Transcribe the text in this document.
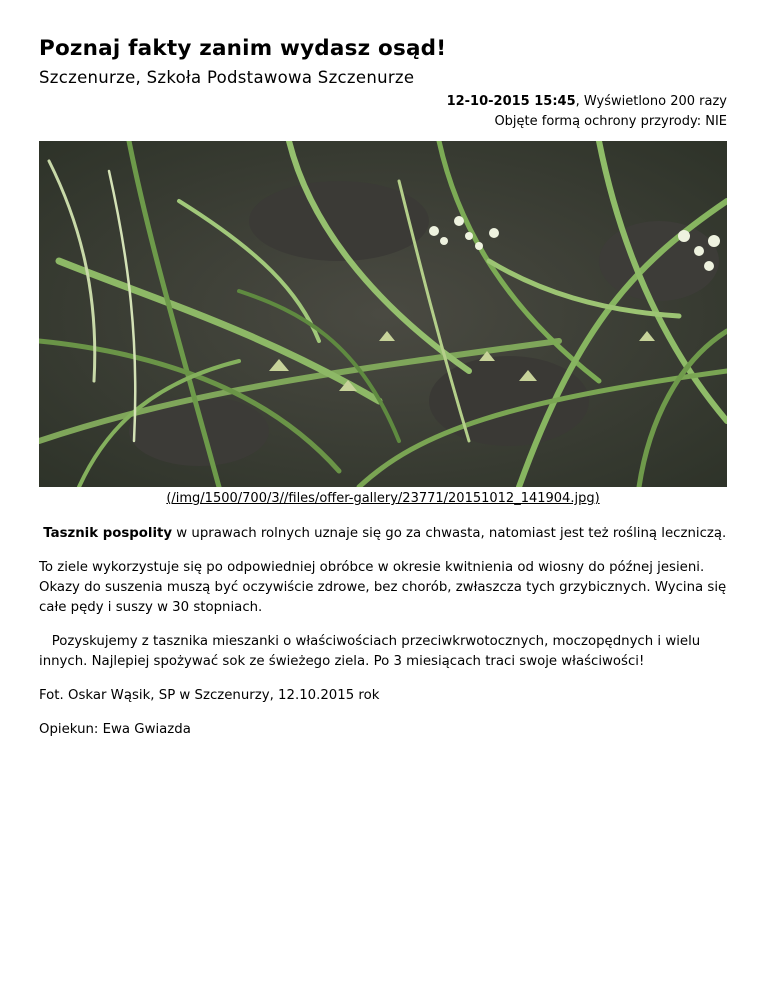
Poznaj fakty zanim wydasz osąd!
Szczenurze, Szkoła Podstawowa Szczenurze
12-10-2015 15:45, Wyświetlono 200 razy
Objęte formą ochrony przyrody: NIE
(/img/1500/700/3//files/offer-gallery/23771/20151012_141904.jpg)

Tasznik pospolity w uprawach rolnych uznaje się go za chwasta, natomiast jest też rośliną leczniczą.

To ziele wykorzystuje się po odpowiedniej obróbce w okresie kwitnienia od wiosny do późnej jesieni. Okazy do suszenia muszą być oczywiście zdrowe, bez chorób, zwłaszcza tych grzybicznych. Wycina się całe pędy i suszy w 30 stopniach.

Pozyskujemy z tasznika mieszanki o właściwościach przeciwkrwotocznych, moczopędnych i wielu innych. Najlepiej spożywać sok ze świeżego ziela. Po 3 miesiącach traci swoje właściwości!

Fot. Oskar Wąsik, SP w Szczenurzy, 12.10.2015 rok

Opiekun: Ewa Gwiazda
